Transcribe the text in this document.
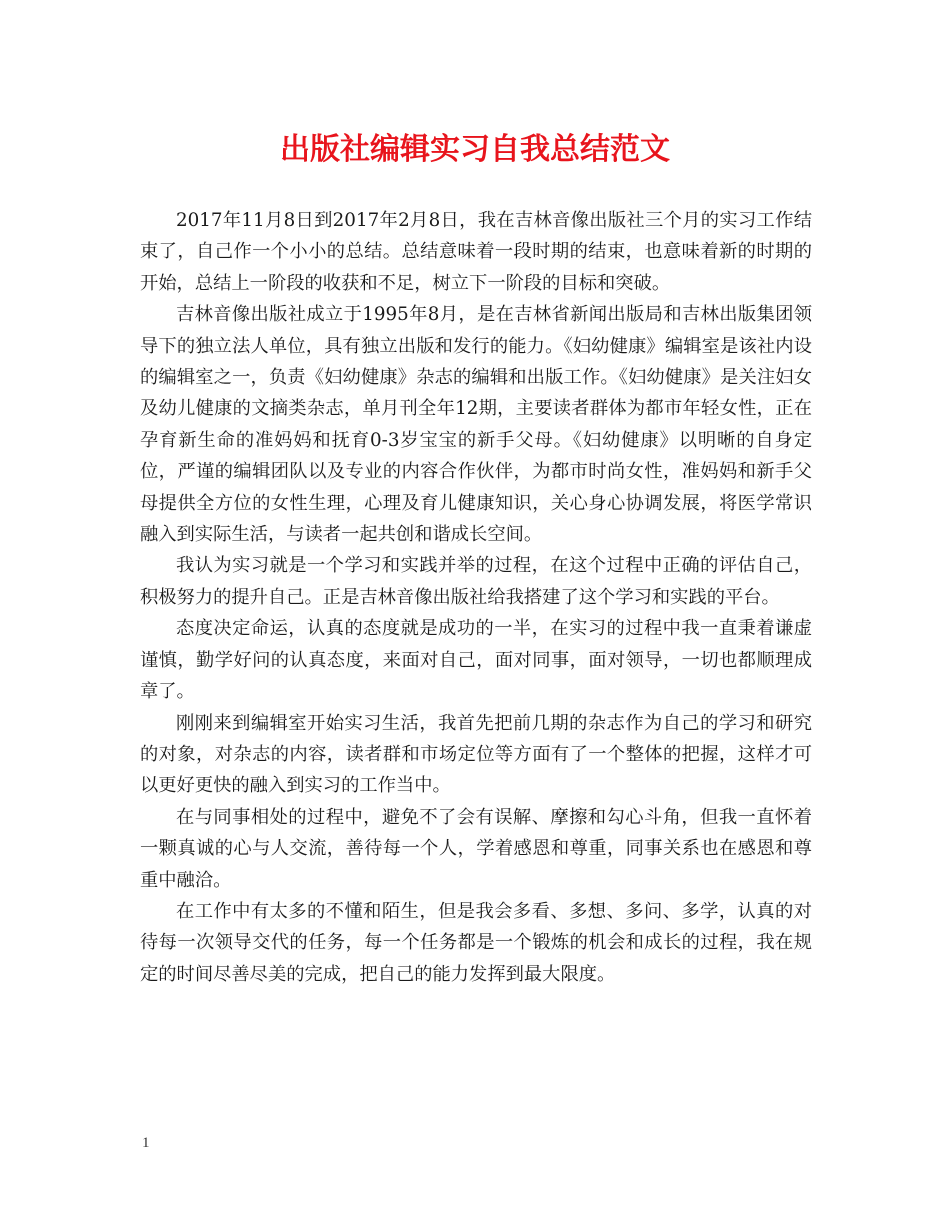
出版社编辑实习自我总结范文

2017年11月8日到2017年2月8日，我在吉林音像出版社三个月的实习工作结束了，自己作一个小小的总结。总结意味着一段时期的结束，也意味着新的时期的开始，总结上一阶段的收获和不足，树立下一阶段的目标和突破。

吉林音像出版社成立于1995年8月，是在吉林省新闻出版局和吉林出版集团领导下的独立法人单位，具有独立出版和发行的能力。《妇幼健康》编辑室是该社内设的编辑室之一，负责《妇幼健康》杂志的编辑和出版工作。《妇幼健康》是关注妇女及幼儿健康的文摘类杂志，单月刊全年12期，主要读者群体为都市年轻女性，正在孕育新生命的准妈妈和抚育0-3岁宝宝的新手父母。《妇幼健康》以明晰的自身定位，严谨的编辑团队以及专业的内容合作伙伴，为都市时尚女性，准妈妈和新手父母提供全方位的女性生理，心理及育儿健康知识，关心身心协调发展，将医学常识融入到实际生活，与读者一起共创和谐成长空间。

我认为实习就是一个学习和实践并举的过程，在这个过程中正确的评估自己，积极努力的提升自己。正是吉林音像出版社给我搭建了这个学习和实践的平台。

态度决定命运，认真的态度就是成功的一半，在实习的过程中我一直秉着谦虚谨慎，勤学好问的认真态度，来面对自己，面对同事，面对领导，一切也都顺理成章了。

刚刚来到编辑室开始实习生活，我首先把前几期的杂志作为自己的学习和研究的对象，对杂志的内容，读者群和市场定位等方面有了一个整体的把握，这样才可以更好更快的融入到实习的工作当中。

在与同事相处的过程中，避免不了会有误解、摩擦和勾心斗角，但我一直怀着一颗真诚的心与人交流，善待每一个人，学着感恩和尊重，同事关系也在感恩和尊重中融洽。

在工作中有太多的不懂和陌生，但是我会多看、多想、多问、多学，认真的对待每一次领导交代的任务，每一个任务都是一个锻炼的机会和成长的过程，我在规定的时间尽善尽美的完成，把自己的能力发挥到最大限度。

1
